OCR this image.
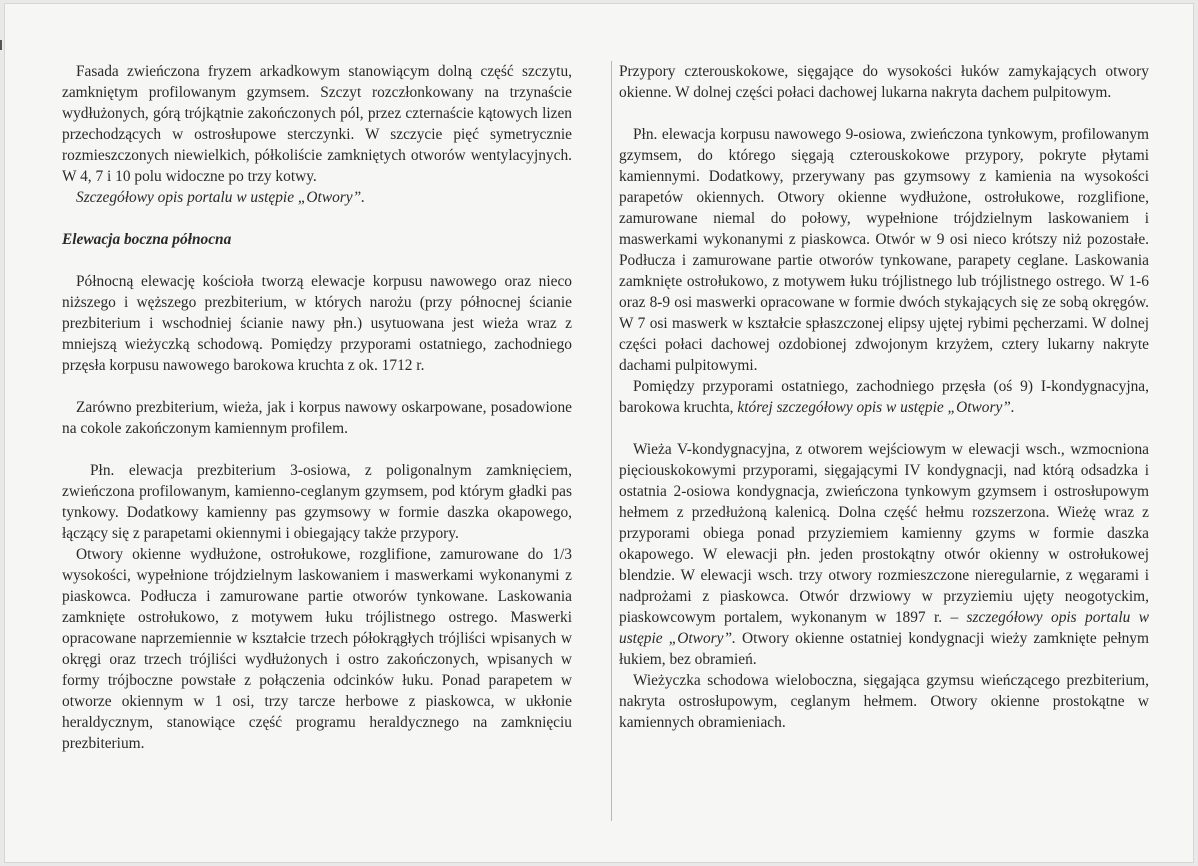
Fasada zwieńczona fryzem arkadkowym stanowiącym dolną część szczytu, zamkniętym profilowanym gzymsem. Szczyt rozczłonkowany na trzynaście wydłużonych, górą trójkątnie zakończonych pól, przez czternaście kątowych lizen przechodzących w ostrosłupowe sterczynki. W szczycie pięć symetrycznie rozmieszczonych niewielkich, półkoliście zamkniętych otworów wentylacyjnych. W 4, 7 i 10 polu widoczne po trzy kotwy.

Szczegółowy opis portalu w ustępie „Otwory”.

Elewacja boczna północna

Północną elewację kościoła tworzą elewacje korpusu nawowego oraz nieco niższego i węższego prezbiterium, w których narożu (przy północnej ścianie prezbiterium i wschodniej ścianie nawy płn.) usytuowana jest wieża wraz z mniejszą wieżyczką schodową. Pomiędzy przyporami ostatniego, zachodniego przęsła korpusu nawowego barokowa kruchta z ok. 1712 r.

Zarówno prezbiterium, wieża, jak i korpus nawowy oskarpowane, posadowione na cokole zakończonym kamiennym profilem.

Płn. elewacja prezbiterium 3-osiowa, z poligonalnym zamknięciem, zwieńczona profilowanym, kamienno-ceglanym gzymsem, pod którym gładki pas tynkowy. Dodatkowy kamienny pas gzymsowy w formie daszka okapowego, łączący się z parapetami okiennymi i obiegający także przypory.

Otwory okienne wydłużone, ostrołukowe, rozglifione, zamurowane do 1/3 wysokości, wypełnione trójdzielnym laskowaniem i maswerkami wykonanymi z piaskowca. Podłucza i zamurowane partie otworów tynkowane. Laskowania zamknięte ostrołukowo, z motywem łuku trójlistnego ostrego. Maswerki opracowane naprzemiennie w kształcie trzech półokrągłych trójliści wpisanych w okręgi oraz trzech trójliści wydłużonych i ostro zakończonych, wpisanych w formy trójboczne powstałe z połączenia odcinków łuku. Ponad parapetem w otworze okiennym w 1 osi, trzy tarcze herbowe z piaskowca, w ukłonie heraldycznym, stanowiące część programu heraldycznego na zamknięciu prezbiterium.

Przypory czterouskokowe, sięgające do wysokości łuków zamykających otwory okienne. W dolnej części połaci dachowej lukarna nakryta dachem pulpitowym.

Płn. elewacja korpusu nawowego 9-osiowa, zwieńczona tynkowym, profilowanym gzymsem, do którego sięgają czterouskokowe przypory, pokryte płytami kamiennymi. Dodatkowy, przerywany pas gzymsowy z kamienia na wysokości parapetów okiennych. Otwory okienne wydłużone, ostrołukowe, rozglifione, zamurowane niemal do połowy, wypełnione trójdzielnym laskowaniem i maswerkami wykonanymi z piaskowca. Otwór w 9 osi nieco krótszy niż pozostałe. Podłucza i zamurowane partie otworów tynkowane, parapety ceglane. Laskowania zamknięte ostrołukowo, z motywem łuku trójlistnego lub trójlistnego ostrego. W 1-6 oraz 8-9 osi maswerki opracowane w formie dwóch stykających się ze sobą okręgów. W 7 osi maswerk w kształcie spłaszczonej elipsy ujętej rybimi pęcherzami. W dolnej części połaci dachowej ozdobionej zdwojonym krzyżem, cztery lukarny nakryte dachami pulpitowymi.

Pomiędzy przyporami ostatniego, zachodniego przęsła (oś 9) I-kondygnacyjna, barokowa kruchta, której szczegółowy opis w ustępie „Otwory”.

Wieża V-kondygnacyjna, z otworem wejściowym w elewacji wsch., wzmocniona pięciouskokowymi przyporami, sięgającymi IV kondygnacji, nad którą odsadzka i ostatnia 2-osiowa kondygnacja, zwieńczona tynkowym gzymsem i ostrosłupowym hełmem z przedłużoną kalenicą. Dolna część hełmu rozszerzona. Wieżę wraz z przyporami obiega ponad przyziemiem kamienny gzyms w formie daszka okapowego. W elewacji płn. jeden prostokątny otwór okienny w ostrołukowej blendzie. W elewacji wsch. trzy otwory rozmieszczone nieregularnie, z węgarami i nadprożami z piaskowca. Otwór drzwiowy w przyziemiu ujęty neogotyckim, piaskowcowym portalem, wykonanym w 1897 r. – szczegółowy opis portalu w ustępie „Otwory”. Otwory okienne ostatniej kondygnacji wieży zamknięte pełnym łukiem, bez obramień.

Wieżyczka schodowa wieloboczna, sięgająca gzymsu wieńczącego prezbiterium, nakryta ostrosłupowym, ceglanym hełmem. Otwory okienne prostokątne w kamiennych obramieniach.
